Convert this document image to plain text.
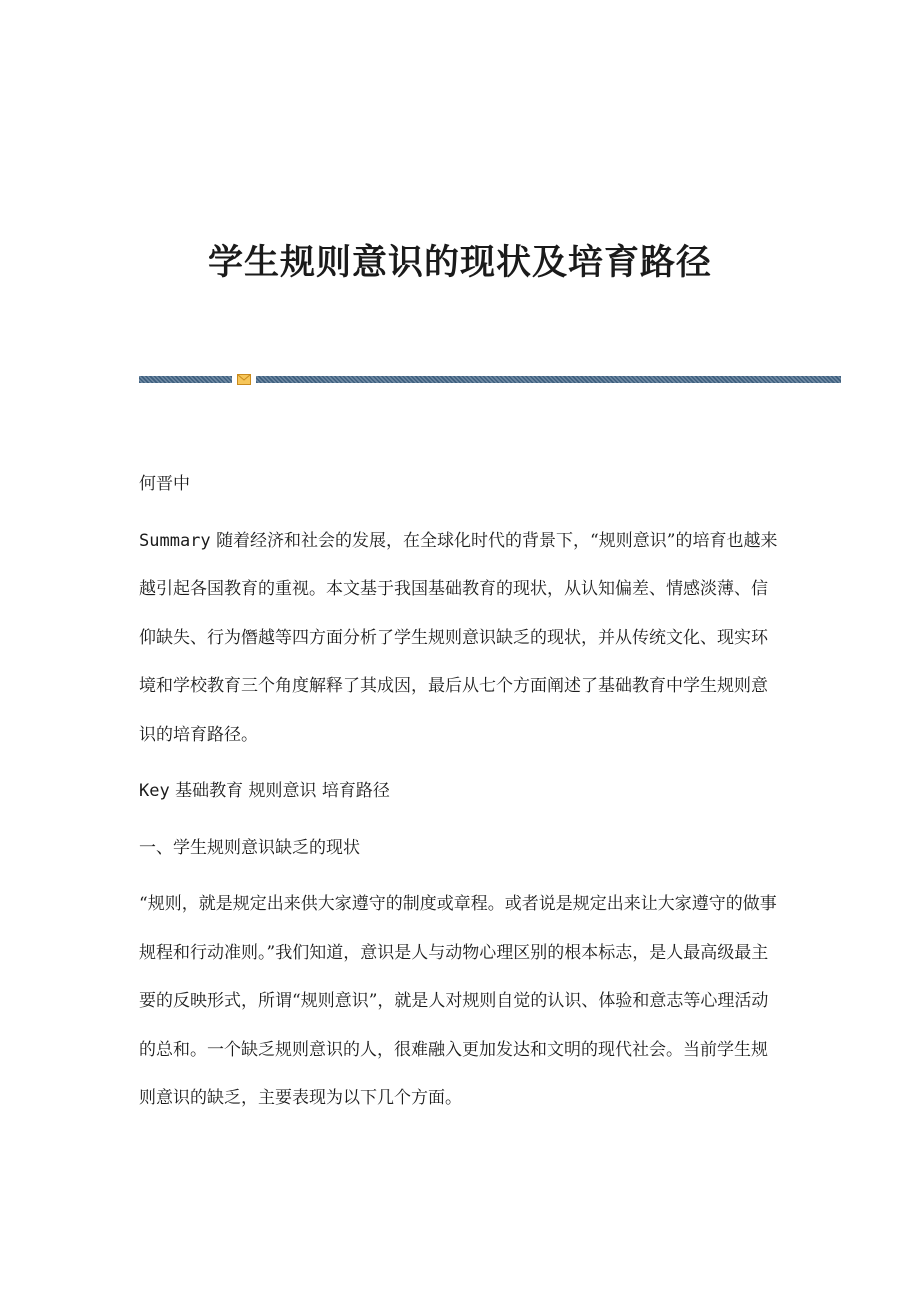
学生规则意识的现状及培育路径

何晋中

Summary 随着经济和社会的发展，在全球化时代的背景下，“规则意识”的培育也越来越引起各国教育的重视。本文基于我国基础教育的现状，从认知偏差、情感淡薄、信仰缺失、行为僭越等四方面分析了学生规则意识缺乏的现状，并从传统文化、现实环境和学校教育三个角度解释了其成因，最后从七个方面阐述了基础教育中学生规则意识的培育路径。

Key 基础教育 规则意识 培育路径

一、学生规则意识缺乏的现状

“规则，就是规定出来供大家遵守的制度或章程。或者说是规定出来让大家遵守的做事规程和行动准则。”我们知道，意识是人与动物心理区别的根本标志，是人最高级最主要的反映形式，所谓“规则意识”，就是人对规则自觉的认识、体验和意志等心理活动的总和。一个缺乏规则意识的人，很难融入更加发达和文明的现代社会。当前学生规则意识的缺乏，主要表现为以下几个方面。
